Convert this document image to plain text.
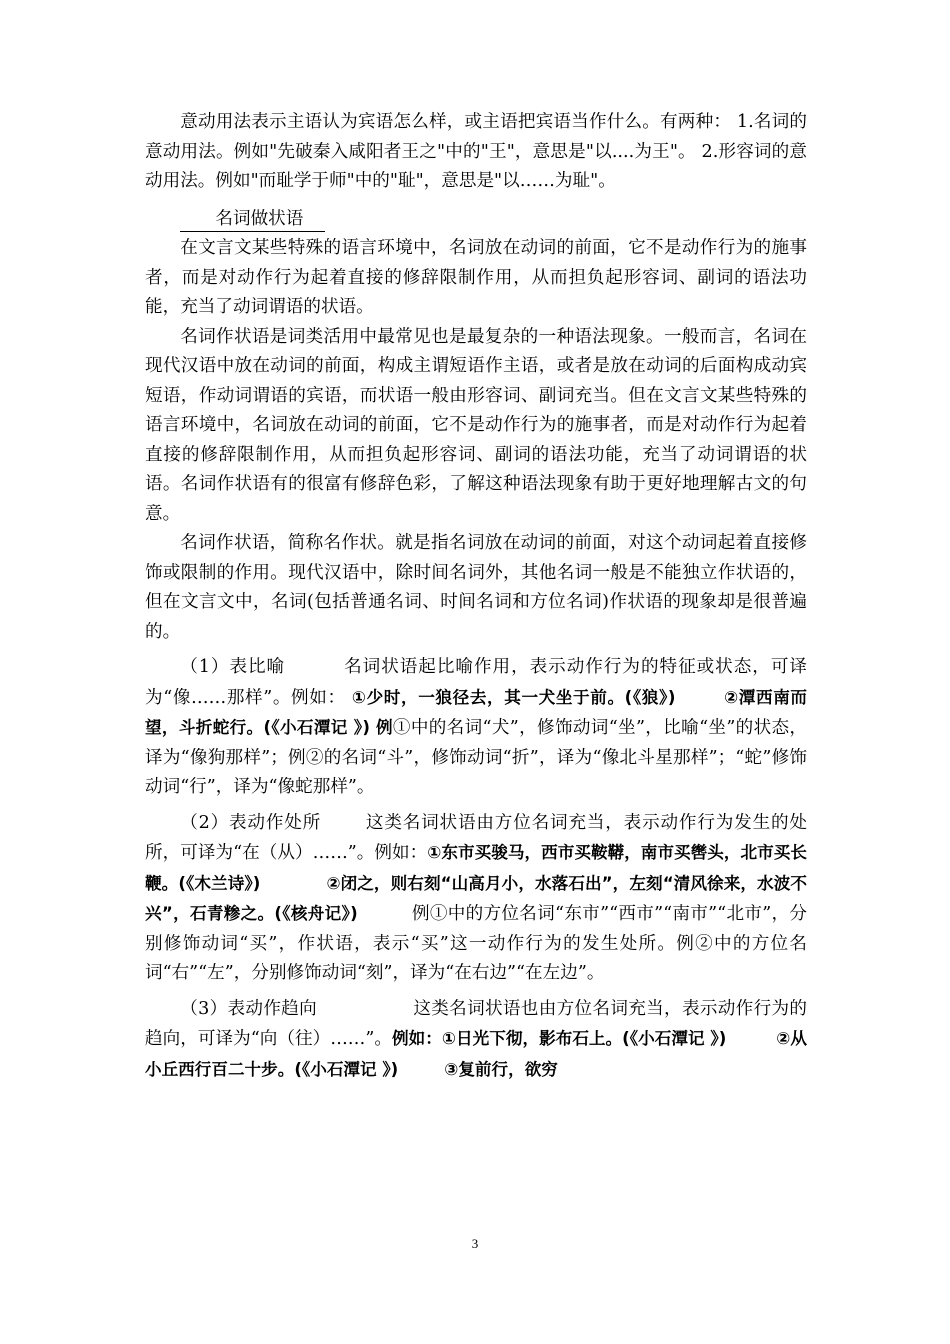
意动用法表示主语认为宾语怎么样，或主语把宾语当作什么。有两种： 1.名词的意动用法。例如"先破秦入咸阳者王之"中的"王"，意思是"以....为王"。 2.形容词的意动用法。例如"而耻学于师"中的"耻"，意思是"以……为耻"。

名词做状语

在文言文某些特殊的语言环境中，名词放在动词的前面，它不是动作行为的施事者，而是对动作行为起着直接的修辞限制作用，从而担负起形容词、副词的语法功能，充当了动词谓语的状语。

名词作状语是词类活用中最常见也是最复杂的一种语法现象。一般而言，名词在现代汉语中放在动词的前面，构成主谓短语作主语，或者是放在动词的后面构成动宾短语，作动词谓语的宾语，而状语一般由形容词、副词充当。但在文言文某些特殊的语言环境中，名词放在动词的前面，它不是动作行为的施事者，而是对动作行为起着直接的修辞限制作用，从而担负起形容词、副词的语法功能，充当了动词谓语的状语。名词作状语有的很富有修辞色彩，了解这种语法现象有助于更好地理解古文的句意。

名词作状语，简称名作状。就是指名词放在动词的前面，对这个动词起着直接修饰或限制的作用。现代汉语中，除时间名词外，其他名词一般是不能独立作状语的，但在文言文中，名词(包括普通名词、时间名词和方位名词)作状语的现象却是很普遍的。

（1）表比喻	名词状语起比喻作用，表示动作行为的特征或状态，可译为“像……那样”。例如： ①少时，一狼径去，其一犬坐于前。(《狼》)	②潭西南而望，斗折蛇行。(《小石潭记 》) 例①中的名词“犬”，修饰动词“坐”，比喻“坐”的状态，译为“像狗那样”；例②的名词“斗”，修饰动词“折”，译为“像北斗星那样”；“蛇”修饰动词“行”，译为“像蛇那样”。

（2）表动作处所	这类名词状语由方位名词充当，表示动作行为发生的处所，可译为“在（从）……”。例如：①东市买骏马，西市买鞍鞯，南市买辔头，北市买长鞭。(《木兰诗》)	②闭之，则右刻“山高月小，水落石出”，左刻“清风徐来，水波不兴”，石青糁之。(《核舟记》)	例①中的方位名词“东市”“西市”“南市”“北市”，分别修饰动词“买”，作状语，表示“买”这一动作行为的发生处所。例②中的方位名词“右”“左”，分别修饰动词“刻”，译为“在右边”“在左边”。

（3）表动作趋向	这类名词状语也由方位名词充当，表示动作行为的趋向，可译为“向（往）……”。例如：①日光下彻，影布石上。(《小石潭记 》)	②从小丘西行百二十步。(《小石潭记 》)	③复前行，欲穷

3
